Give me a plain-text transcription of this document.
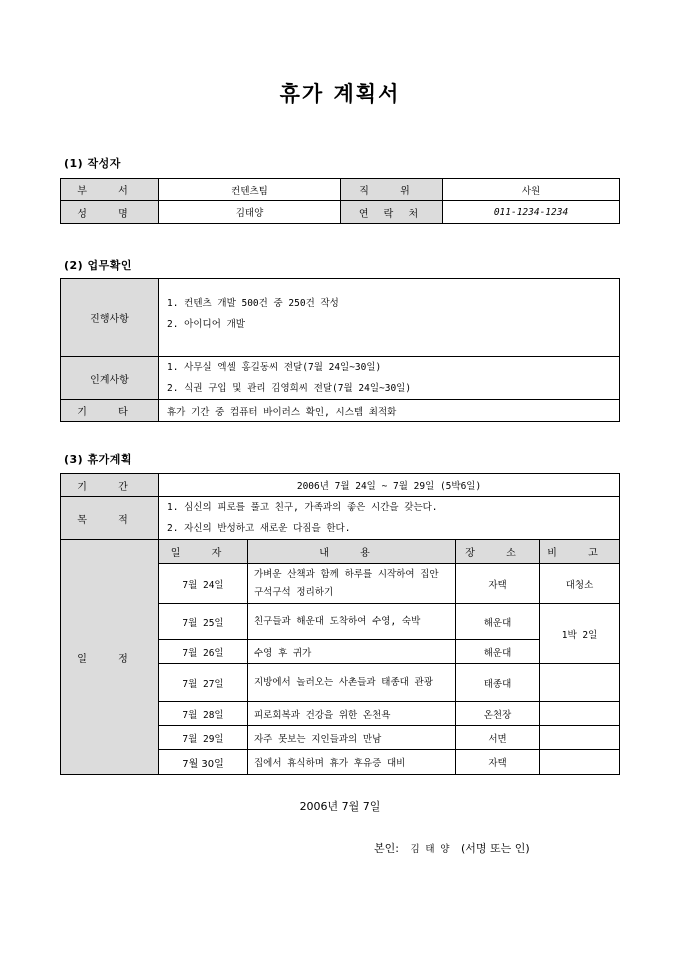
휴가 계획서
(1) 작성자
부 서	컨텐츠팀	직 위	사원
성 명	김태양	연 락 처	011-1234-1234
(2) 업무확인
진행사항	1. 컨텐츠 개발 500건 중 250건 작성
2. 아이디어 개발

인계사항	1. 사무실 엑셀 홍길동씨 전달(7월 24일~30일)
2. 식권 구입 및 관리 김영희씨 전달(7월 24일~30일)

기 타	휴가 기간 중 컴퓨터 바이러스 확인, 시스템 최적화
(3) 휴가계획
기 간	2006년 7월 24일 ~ 7월 29일 (5박6일)			
목 적	1. 심신의 피로를 풀고 친구, 가족과의 좋은 시간을 갖는다.
2. 자신의 반성하고 새로운 다짐을 한다.			

일 정	일 자	내 용	장 소	비 고
	7월 24일	가벼운 산책과 함께 하루를 시작하여 집안 구석구석 정리하기	자택	대청소
	7월 25일	친구들과 해운대 도착하여 수영, 숙박	해운대	1박 2일
	7월 26일	수영 후 귀가	해운대	
	7월 27일	지방에서 놀러오는 사촌들과 태종대 관광	태종대	
	7월 28일	피로회복과 건강을 위한 온천욕	온천장	
	7월 29일	자주 못보는 지인들과의 만남	서면	
	7월 30일	집에서 휴식하며 휴가 후유증 대비	자택	
2006년 7월 7일
본인: 김 태 양 (서명 또는 인)
